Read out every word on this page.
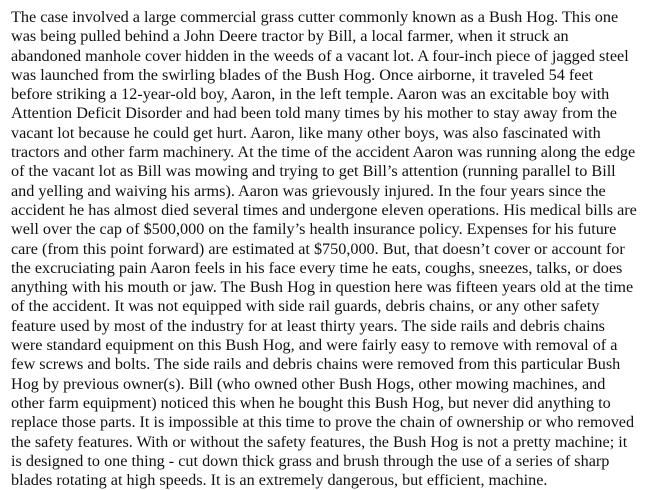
The case involved a large commercial grass cutter commonly known as a Bush Hog. This one
was being pulled behind a John Deere tractor by Bill, a local farmer, when it struck an
abandoned manhole cover hidden in the weeds of a vacant lot. A four-inch piece of jagged steel
was launched from the swirling blades of the Bush Hog. Once airborne, it traveled 54 feet
before striking a 12-year-old boy, Aaron, in the left temple. Aaron was an excitable boy with
Attention Deficit Disorder and had been told many times by his mother to stay away from the
vacant lot because he could get hurt. Aaron, like many other boys, was also fascinated with
tractors and other farm machinery. At the time of the accident Aaron was running along the edge
of the vacant lot as Bill was mowing and trying to get Bill’s attention (running parallel to Bill
and yelling and waiving his arms). Aaron was grievously injured. In the four years since the
accident he has almost died several times and undergone eleven operations. His medical bills are
well over the cap of $500,000 on the family’s health insurance policy. Expenses for his future
care (from this point forward) are estimated at $750,000. But, that doesn’t cover or account for
the excruciating pain Aaron feels in his face every time he eats, coughs, sneezes, talks, or does
anything with his mouth or jaw. The Bush Hog in question here was fifteen years old at the time
of the accident. It was not equipped with side rail guards, debris chains, or any other safety
feature used by most of the industry for at least thirty years. The side rails and debris chains
were standard equipment on this Bush Hog, and were fairly easy to remove with removal of a
few screws and bolts. The side rails and debris chains were removed from this particular Bush
Hog by previous owner(s). Bill (who owned other Bush Hogs, other mowing machines, and
other farm equipment) noticed this when he bought this Bush Hog, but never did anything to
replace those parts. It is impossible at this time to prove the chain of ownership or who removed
the safety features. With or without the safety features, the Bush Hog is not a pretty machine; it
is designed to one thing - cut down thick grass and brush through the use of a series of sharp
blades rotating at high speeds. It is an extremely dangerous, but efficient, machine.
